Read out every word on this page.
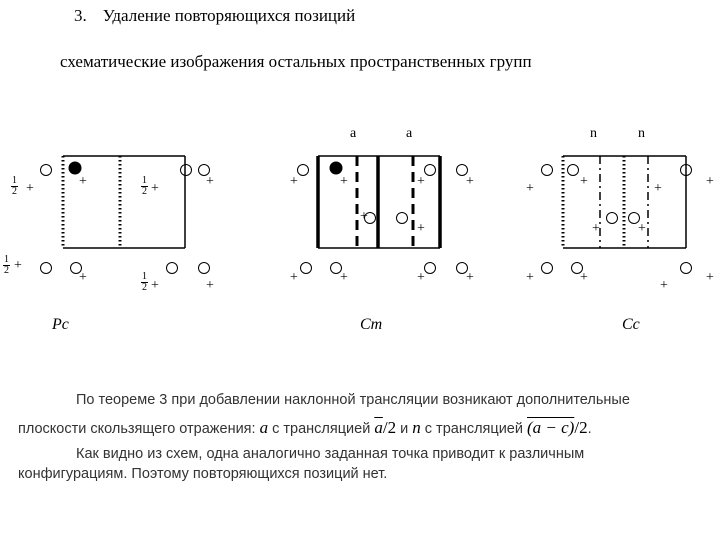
3. Удаление повторяющихся позиций
схематические изображения остальных пространственных групп
+	+	+	+
+
+
+	+
$\frac{1}{2}$	$\frac{1}{2}$
$\frac{1}{2}$
$\frac{1}{2}$
a	a
+	+	+	+
+
+
+	+	+	+
n	n
+	+	+	+
+	+
+	+
+
+
Pc	Cm	Cc
По теореме 3 при добавлении наклонной трансляции возникают дополнительные
плоскости скользящего отражения: a с трансляцией $\overline{a}/2$ и n с трансляцией (a − c)/2.
Как видно из схем, одна аналогично заданная точка приводит к различным
конфигурациям. Поэтому повторяющихся позиций нет.
